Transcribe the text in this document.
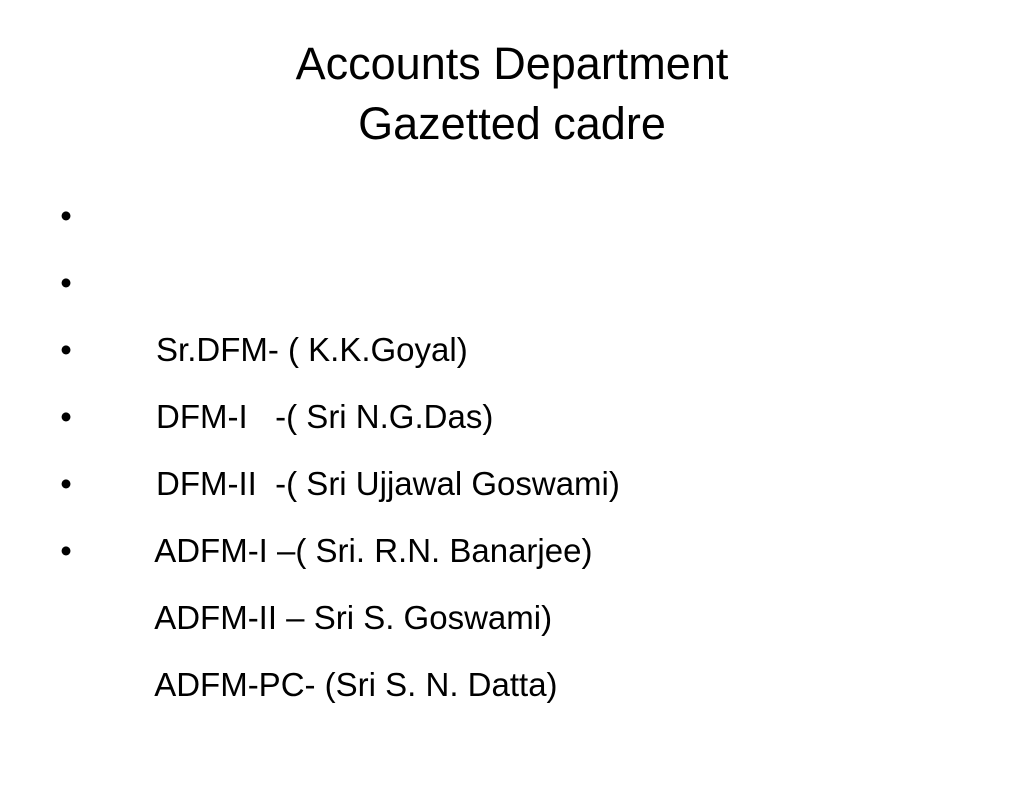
Accounts Department
Gazetted cadre

•

Sr.DFM- ( K.K.Goyal)

•

DFM-I   -( Sri N.G.Das)

•

DFM-II  -( Sri Ujjawal Goswami)

•

ADFM-I –( Sri. R.N. Banarjee)

•

ADFM-II – Sri S. Goswami)

•

ADFM-PC- (Sri S. N. Datta)
